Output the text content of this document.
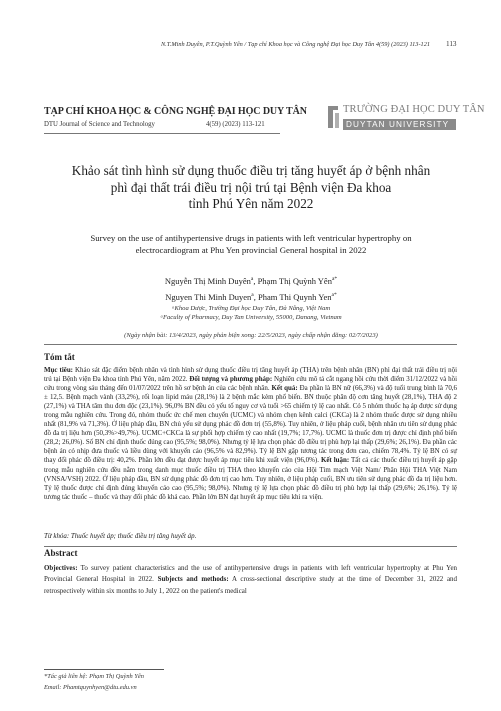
N.T.Minh Duyên, P.T.Quỳnh Yên / Tạp chí Khoa học và Công nghệ Đại học Duy Tân 4(59) (2023) 113-121 113
TẠP CHÍ KHOA HỌC & CÔNG NGHỆ ĐẠI HỌC DUY TÂN
DTU Journal of Science and Technology	4(59) (2023) 113-121
TRƯỜNG ĐẠI HỌC DUY TÂN
DUYTAN UNIVERSITY
Khảo sát tình hình sử dụng thuốc điều trị tăng huyết áp ở bệnh nhân
phì đại thất trái điều trị nội trú tại Bệnh viện Đa khoa
tỉnh Phú Yên năm 2022
Survey on the use of antihypertensive drugs in patients with left ventricular hypertrophy on
electrocardiogram at Phu Yen provincial General hospital in 2022
Nguyễn Thị Minh Duyên$^a$, Phạm Thị Quỳnh Yên$^{a*}$
Nguyen Thi Minh Duyen$^a$, Pham Thi Quynh Yen$^{a*}$
ᵃKhoa Dược, Trường Đại học Duy Tân, Đà Nẵng, Việt Nam
ᵃFaculty of Pharmacy, Duy Tan University, 55000, Danang, Vietnam
(Ngày nhận bài: 13/4/2023, ngày phản biện xong: 22/5/2023, ngày chấp nhận đăng: 02/7/2023)
Tóm tắt
Mục tiêu: Khảo sát đặc điểm bệnh nhân và tình hình sử dụng thuốc điều trị tăng huyết áp (THA) trên bệnh nhân (BN) phì đại thất trái điều trị nội trú tại Bệnh viện Đa khoa tỉnh Phú Yên, năm 2022. Đối tượng và phương pháp: Nghiên cứu mô tả cắt ngang hồi cứu thời điểm 31/12/2022 và hồi cứu trong vòng sáu tháng đến 01/07/2022 trên hồ sơ bệnh án của các bệnh nhân. Kết quả: Đa phần là BN nữ (66,3%) và độ tuổi trung bình là 70,6 ± 12,5. Bệnh mạch vành (33,2%), rối loạn lipid máu (28,1%) là 2 bệnh mắc kèm phổ biến. BN thuộc phân độ cơn tăng huyết (28,1%), THA độ 2 (27,1%) và THA tâm thu đơn độc (23,1%). 96,0% BN đều có yếu tố nguy cơ và tuổi >65 chiếm tỷ lệ cao nhất. Có 5 nhóm thuốc hạ áp được sử dụng trong mẫu nghiên cứu. Trong đó, nhóm thuốc ức chế men chuyển (UCMC) và nhóm chẹn kênh calci (CKCa) là 2 nhóm thuốc được sử dụng nhiều nhất (81,9% và 71,3%). Ở liệu pháp đầu, BN chủ yếu sử dụng phác đồ đơn trị (55,8%). Tuy nhiên, ở liệu pháp cuối, bệnh nhân ưu tiên sử dụng phác đồ đa trị liệu hơn (50,3%>49,7%). UCMC+CKCa là sự phối hợp chiếm tỷ cao nhất (19,7%; 17,7%). UCMC là thuốc đơn trị được chỉ định phổ biến (28,2; 26,0%). Số BN chỉ định thuốc đúng cao (95,5%; 98,0%). Nhưng tỷ lệ lựa chọn phác đồ điều trị phù hợp lại thấp (29,6%; 26,1%). Đa phần các bệnh án có nhịp đưa thuốc và liều dùng với khuyến cáo (96,5% và 82,9%). Tỷ lệ BN gặp tương tác trong đơn cao, chiếm 78,4%. Tỷ lệ BN có sự thay đổi phác đồ điều trị: 40,2%. Phần lớn đều đạt được huyết áp mục tiêu khi xuất viện (96,0%). Kết luận: Tất cả các thuốc điều trị huyết áp gặp trong mẫu nghiên cứu đều nằm trong danh mục thuốc điều trị THA theo khuyến cáo của Hội Tim mạch Việt Nam/ Phân Hội THA Việt Nam (VNSA/VSH) 2022. Ở liệu pháp đầu, BN sử dụng phác đồ đơn trị cao hơn. Tuy nhiên, ở liệu pháp cuối, BN ưu tiên sử dụng phác đồ đa trị liệu hơn. Tỷ lệ thuốc được chỉ định đúng khuyến cáo cao (95,5%; 98,0%). Nhưng tỷ lệ lựa chọn phác đồ điều trị phù hợp lại thấp (29,6%; 26,1%). Tỷ lệ tương tác thuốc – thuốc và thay đổi phác đồ khá cao. Phần lớn BN đạt huyết áp mục tiêu khi ra viện.
Từ khóa: Thuốc huyết áp; thuốc điều trị tăng huyết áp.
Abstract
Objectives: To survey patient characteristics and the use of antihypertensive drugs in patients with left ventricular hypertrophy at Phu Yen Provincial General Hospital in 2022. Subjects and methods: A cross-sectional descriptive study at the time of December 31, 2022 and retrospectively within six months to July 1, 2022 on the patient's medical
*Tác giả liên hệ: Phạm Thị Quỳnh Yên
Email: Phamtquynhyen@dtu.edu.vn
